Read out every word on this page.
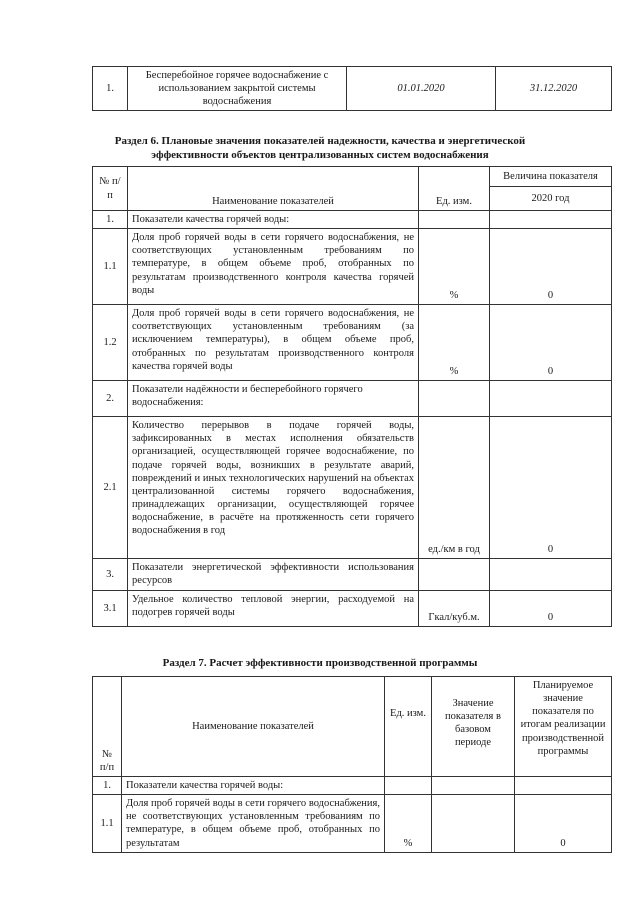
1.	Бесперебойное горячее водоснабжение с использованием закрытой системы водоснабжения	01.01.2020	31.12.2020
Раздел 6. Плановые значения показателей надежности, качества и энергетической
эффективности объектов централизованных систем водоснабжения
№ п/п	Наименование показателей	Ед. изм.	Величина показателя
			2020 год
1.	Показатели качества горячей воды:		
1.1	Доля проб горячей воды в сети горячего водоснабжения, не соответствующих установленным требованиям по температуре, в общем объеме проб, отобранных по результатам производственного контроля качества горячей воды	%	0
1.2	Доля проб горячей воды в сети горячего водоснабжения, не соответствующих установленным требованиям (за исключением температуры), в общем объеме проб, отобранных по результатам производственного контроля качества горячей воды	%	0
2.	Показатели надёжности и бесперебойного горячего водоснабжения:		
2.1	Количество перерывов в подаче горячей воды, зафиксированных в местах исполнения обязательств организацией, осуществляющей горячее водоснабжение, по подаче горячей воды, возникших в результате аварий, повреждений и иных технологических нарушений на объектах централизованной системы горячего водоснабжения, принадлежащих организации, осуществляющей горячее водоснабжение, в расчёте на протяженность сети горячего водоснабжения в год	ед./км в год	0
3.	Показатели энергетической эффективности использования ресурсов		
3.1	Удельное количество тепловой энергии, расходуемой на подогрев горячей воды	Гкал/куб.м.	0
Раздел 7. Расчет эффективности производственной программы
№ п/п	Наименование показателей	Ед. изм.	Значение показателя в базовом периоде	Планируемое значение показателя по итогам реализации производственной программы
1.	Показатели качества горячей воды:			
1.1	Доля проб горячей воды в сети горячего водоснабжения, не соответствующих установленным требованиям по температуре, в общем объеме проб, отобранных по результатам	%		0
